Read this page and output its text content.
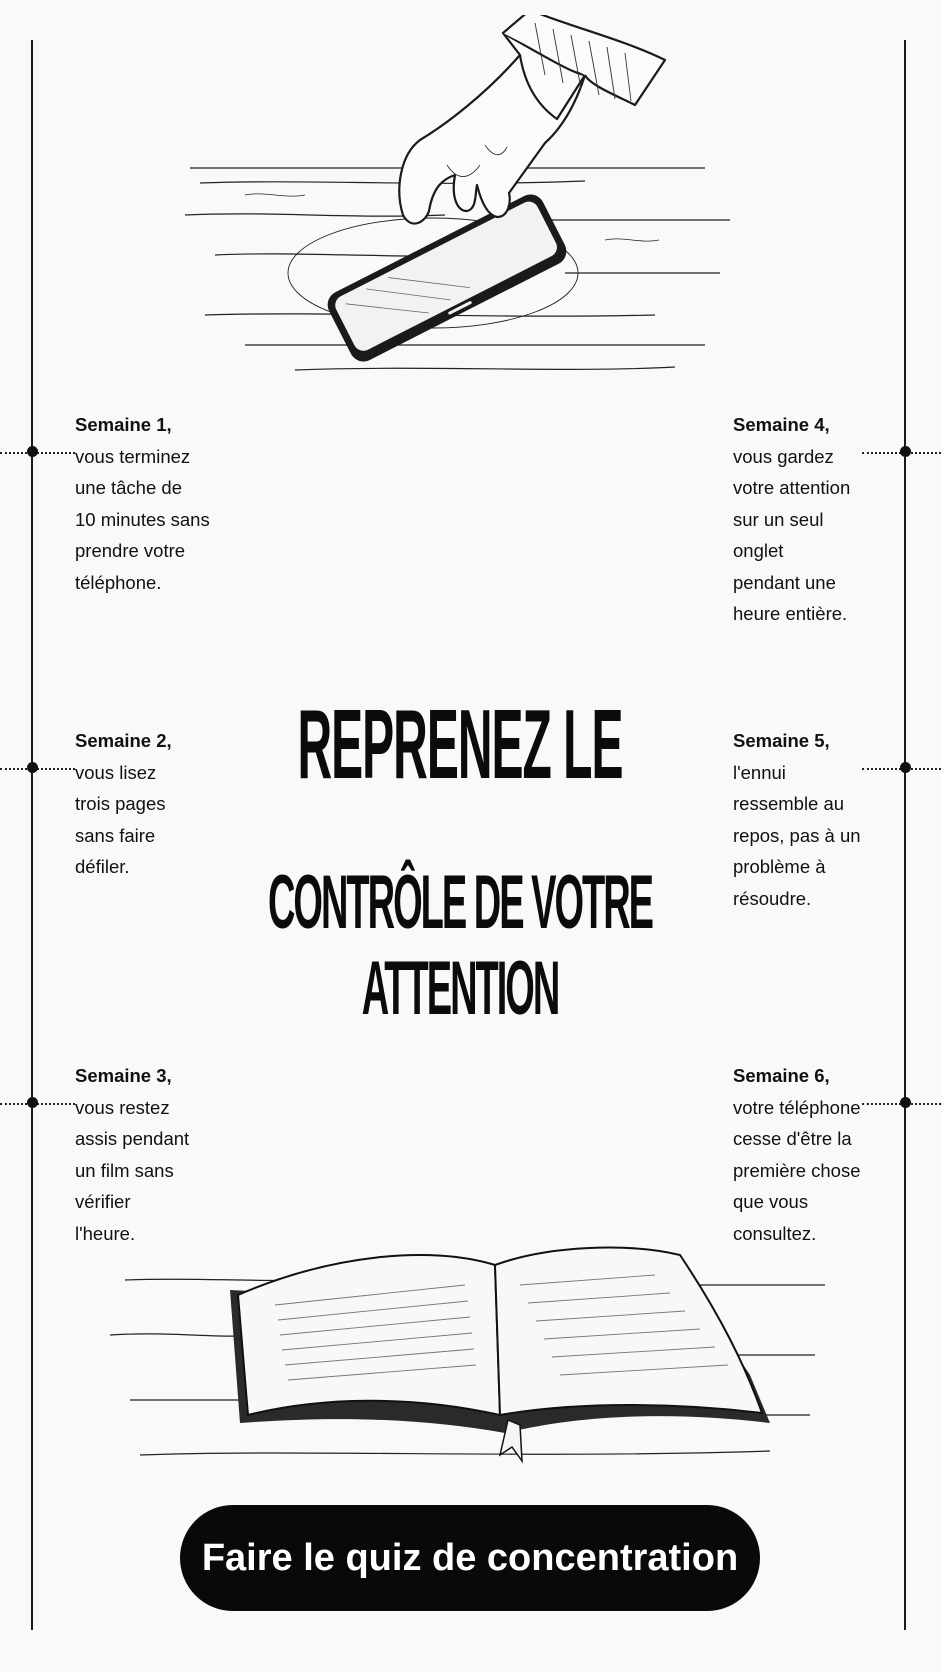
Semaine 1,
vous terminez
une tâche de
10 minutes sans
prendre votre
téléphone.
Semaine 2,
vous lisez
trois pages
sans faire
défiler.
Semaine 3,
vous restez
assis pendant
un film sans
vérifier
l'heure.
Semaine 4,
vous gardez
votre attention
sur un seul onglet
pendant une
heure entière.
Semaine 5,
l'ennui
ressemble au
repos, pas à un
problème à
résoudre.
Semaine 6,
votre téléphone
cesse d'être la
première chose
que vous
consultez.
REPRENEZ LE
CONTRÔLE DE VOTRE ATTENTION
Faire le quiz de concentration
